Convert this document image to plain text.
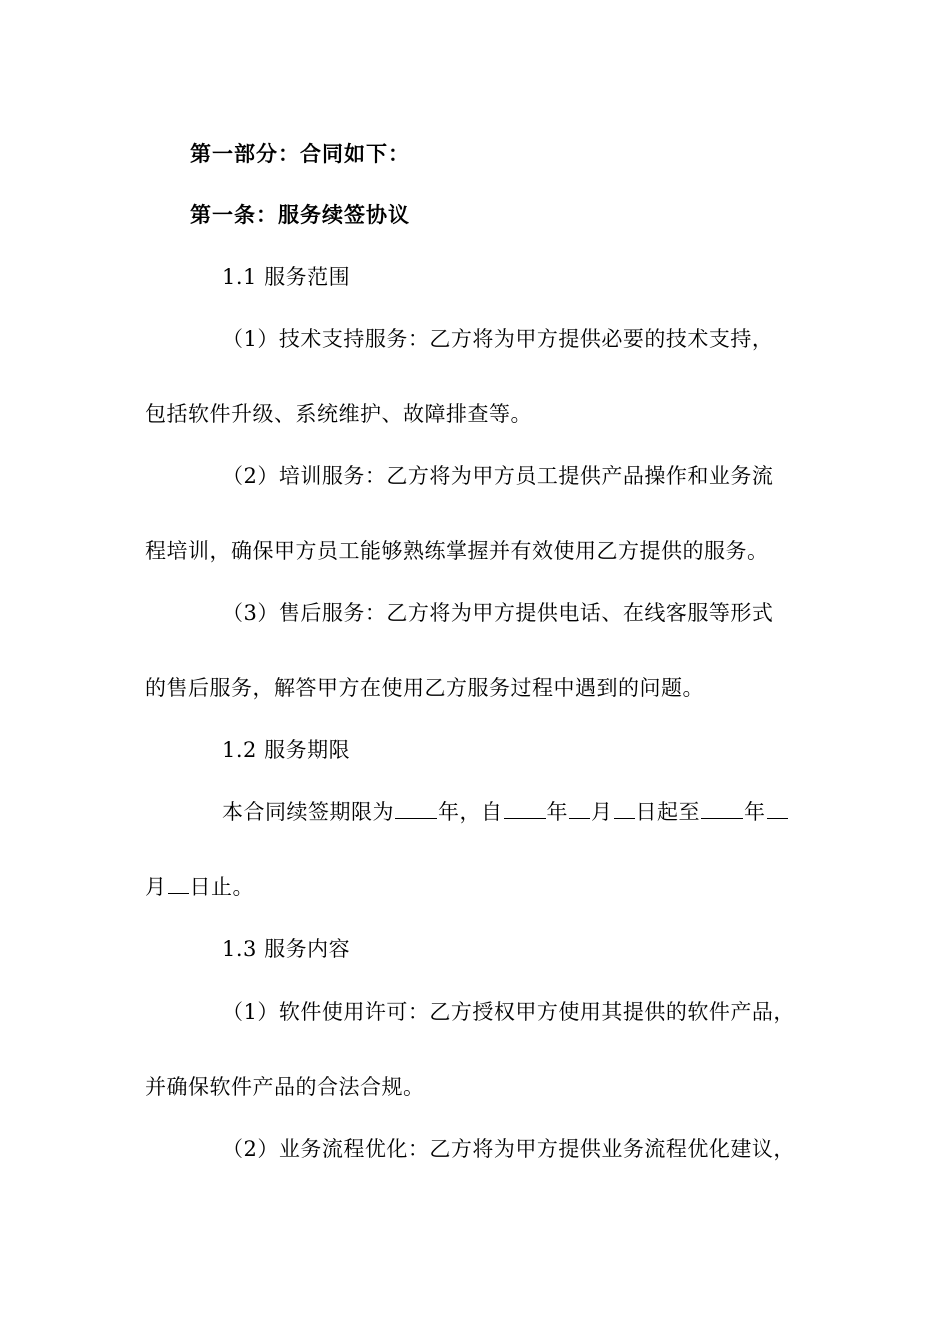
第一部分：合同如下：
第一条：服务续签协议
1.1 服务范围
（1）技术支持服务：乙方将为甲方提供必要的技术支持，
包括软件升级、系统维护、故障排查等。
（2）培训服务：乙方将为甲方员工提供产品操作和业务流
程培训，确保甲方员工能够熟练掌握并有效使用乙方提供的服务。
（3）售后服务：乙方将为甲方提供电话、在线客服等形式
的售后服务，解答甲方在使用乙方服务过程中遇到的问题。
1.2 服务期限
本合同续签期限为 年，自 年 月 日起至 年
月 日止。
1.3 服务内容
（1）软件使用许可：乙方授权甲方使用其提供的软件产品，
并确保软件产品的合法合规。
（2）业务流程优化：乙方将为甲方提供业务流程优化建议，
